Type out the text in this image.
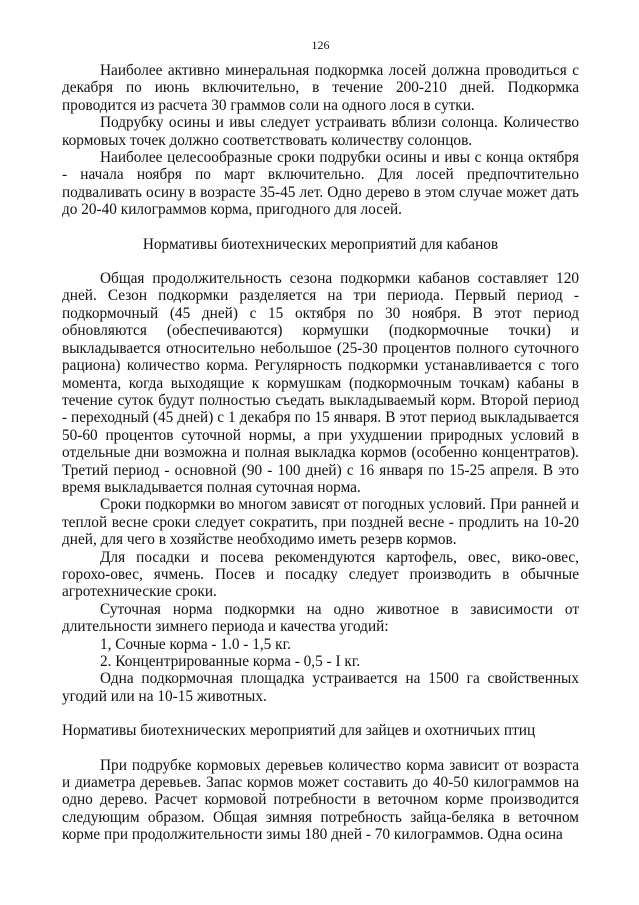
126

Наиболее активно минеральная подкормка лосей должна проводиться с декабря по июнь включительно, в течение 200-210 дней. Подкормка проводится из расчета 30 граммов соли на одного лося в сутки.

Подрубку осины и ивы следует устраивать вблизи солонца. Количество кормовых точек должно соответствовать количеству солонцов.

Наиболее целесообразные сроки подрубки осины и ивы с конца октября - начала ноября по март включительно. Для лосей предпочтительно подваливать осину в возрасте 35-45 лет. Одно дерево в этом случае может дать до 20-40 килограммов корма, пригодного для лосей.

Нормативы биотехнических мероприятий для кабанов

Общая продолжительность сезона подкормки кабанов составляет 120 дней. Сезон подкормки разделяется на три периода. Первый период - подкормочный (45 дней) с 15 октября по 30 ноября. В этот период обновляются (обеспечиваются) кормушки (подкормочные точки) и выкладывается относительно небольшое (25-30 процентов полного суточного рациона) количество корма. Регулярность подкормки устанавливается с того момента, когда выходящие к кормушкам (подкормочным точкам) кабаны в течение суток будут полностью съедать выкладываемый корм. Второй период - переходный (45 дней) с 1 декабря по 15 января. В этот период выкладывается 50-60 процентов суточной нормы, а при ухудшении природных условий в отдельные дни возможна и полная выкладка кормов (особенно концентратов). Третий период - основной (90 - 100 дней) с 16 января по 15-25 апреля. В это время выкладывается полная суточная норма.

Сроки подкормки во многом зависят от погодных условий. При ранней и теплой весне сроки следует сократить, при поздней весне - продлить на 10-20 дней, для чего в хозяйстве необходимо иметь резерв кормов.

Для посадки и посева рекомендуются картофель, овес, вико-овес, горохо-овес, ячмень. Посев и посадку следует производить в обычные агротехнические сроки.

Суточная норма подкормки на одно животное в зависимости от длительности зимнего периода и качества угодий:

1, Сочные корма - 1.0 - 1,5 кг.
2. Концентрированные корма - 0,5 - I кг.

Одна подкормочная площадка устраивается на 1500 га свойственных угодий или на 10-15 животных.

Нормативы биотехнических мероприятий для зайцев и охотничьих птиц

При подрубке кормовых деревьев количество корма зависит от возраста и диаметра деревьев. Запас кормов может составить до 40-50 килограммов на одно дерево. Расчет кормовой потребности в веточном корме производится следующим образом. Общая зимняя потребность зайца-беляка в веточном корме при продолжительности зимы 180 дней - 70 килограммов. Одна осина
